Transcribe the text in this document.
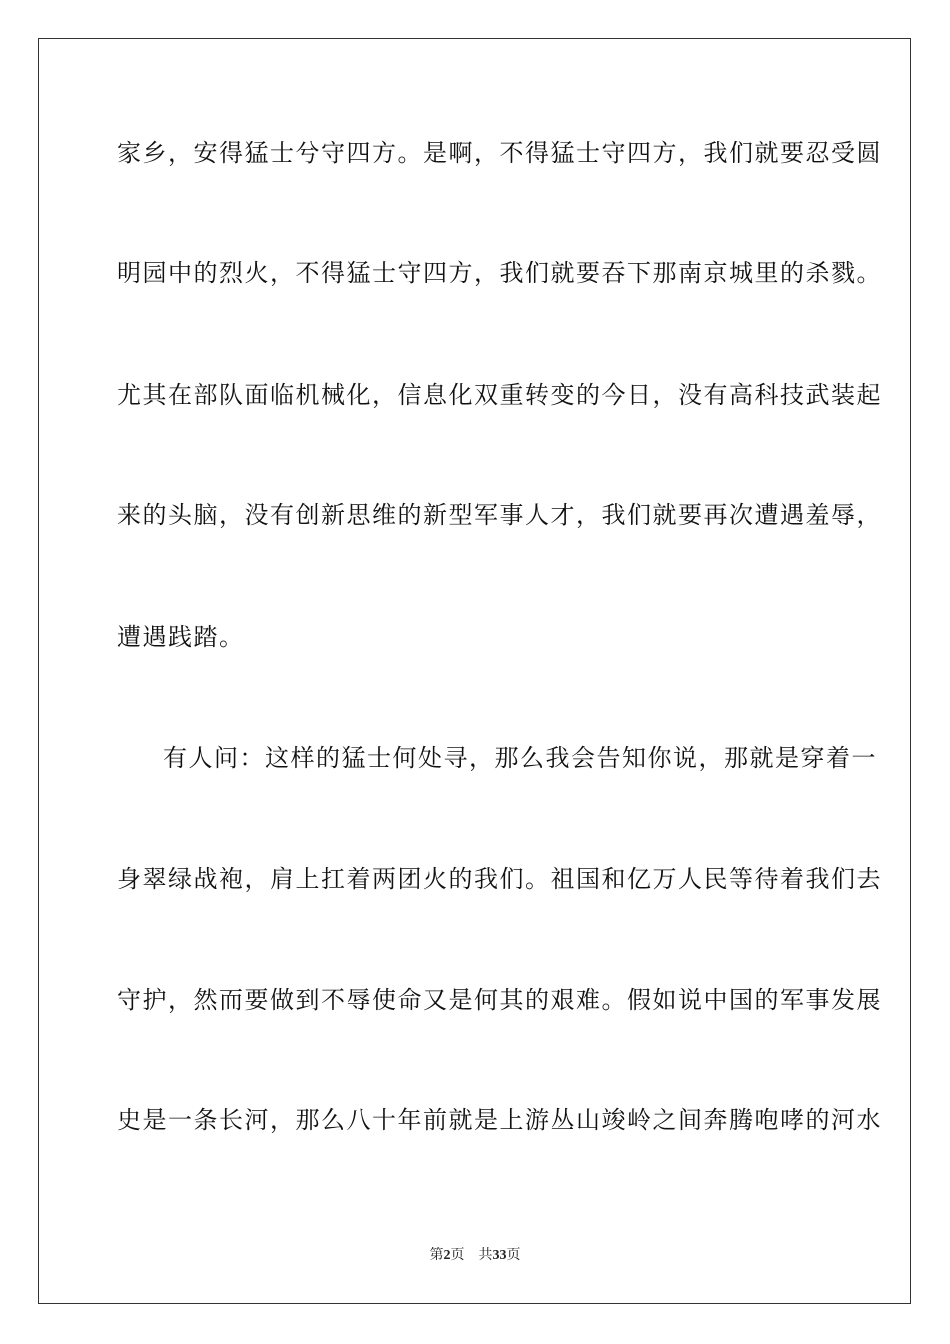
家乡，安得猛士兮守四方。是啊，不得猛士守四方，我们就要忍受圆
明园中的烈火，不得猛士守四方，我们就要吞下那南京城里的杀戮。
尤其在部队面临机械化，信息化双重转变的今日，没有高科技武装起
来的头脑，没有创新思维的新型军事人才，我们就要再次遭遇羞辱，
遭遇践踏。
有人问：这样的猛士何处寻，那么我会告知你说，那就是穿着一
身翠绿战袍，肩上扛着两团火的我们。祖国和亿万人民等待着我们去
守护，然而要做到不辱使命又是何其的艰难。假如说中国的军事发展
史是一条长河，那么八十年前就是上游丛山竣岭之间奔腾咆哮的河水
第2页 共33页
